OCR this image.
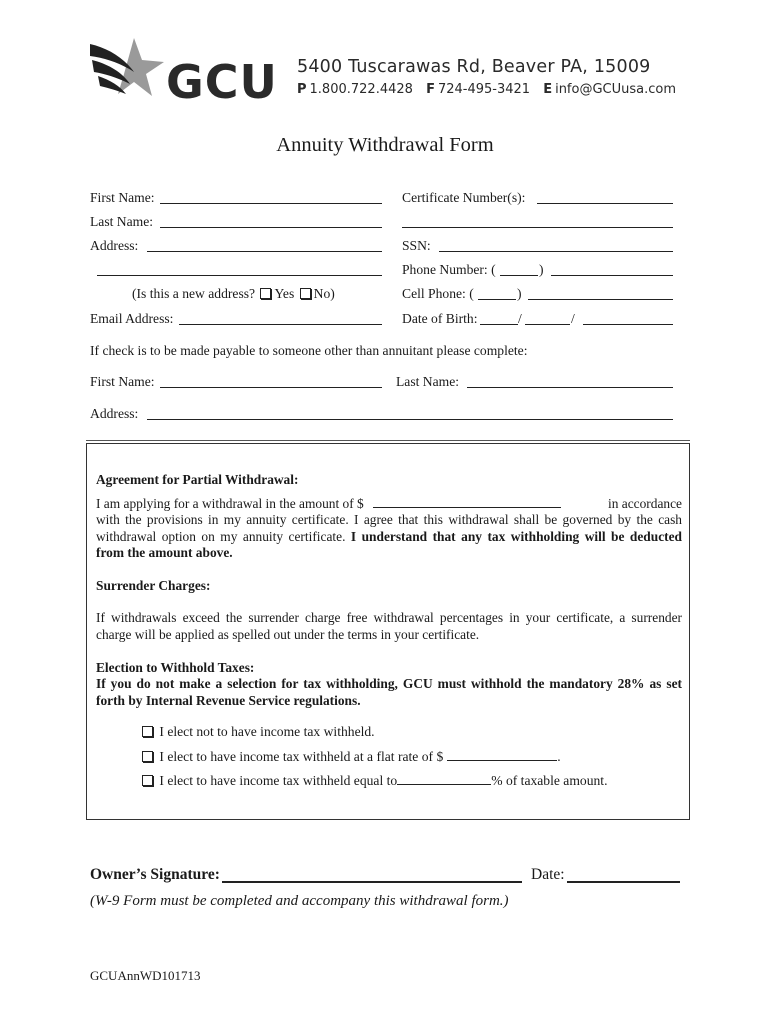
GCU 5400 Tuscarawas Rd, Beaver PA, 15009
P 1.800.722.4428 F 724-495-3421 E info@GCUusa.com
Annuity Withdrawal Form
First Name:
Last Name:
Address:
(Is this a new address? Yes No)
Email Address:
Certificate Number(s):
SSN:
Phone Number: (	)
Cell Phone: (	)
Date of Birth:	/	/
If check is to be made payable to someone other than annuitant please complete:
First Name:	Last Name:
Address:
Agreement for Partial Withdrawal:
I am applying for a withdrawal in the amount of $	in accordance
with the provisions in my annuity certificate. I agree that this withdrawal shall be governed by the cash withdrawal option on my annuity certificate. I understand that any tax withholding will be deducted from the amount above.
Surrender Charges:
If withdrawals exceed the surrender charge free withdrawal percentages in your certificate, a surrender charge will be applied as spelled out under the terms in your certificate.
Election to Withhold Taxes:
If you do not make a selection for tax withholding, GCU must withhold the mandatory 28% as set forth by Internal Revenue Service regulations.
I elect not to have income tax withheld.
I elect to have income tax withheld at a flat rate of $	.
I elect to have income tax withheld equal to	% of taxable amount.
Owner’s Signature:	Date:
(W-9 Form must be completed and accompany this withdrawal form.)
GCUAnnWD101713
